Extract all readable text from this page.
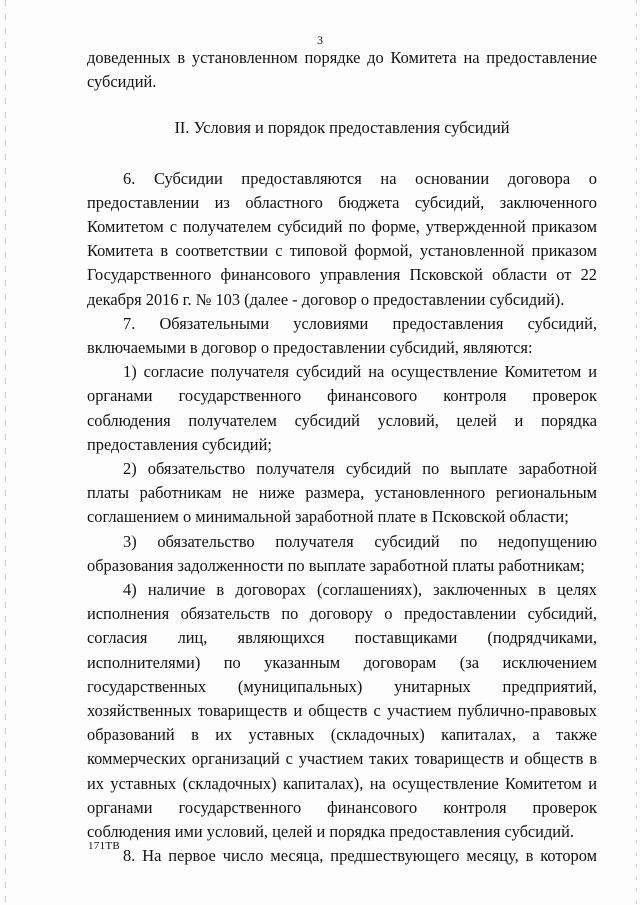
3

доведенных в установленном порядке до Комитета на предоставление субсидий.

II. Условия и порядок предоставления субсидий

6. Субсидии предоставляются на основании договора о предоставлении из областного бюджета субсидий, заключенного Комитетом с получателем субсидий по форме, утвержденной приказом Комитета в соответствии с типовой формой, установленной приказом Государственного финансового управления Псковской области от 22 декабря 2016 г. № 103 (далее - договор о предоставлении субсидий).

7. Обязательными условиями предоставления субсидий, включаемыми в договор о предоставлении субсидий, являются:

1) согласие получателя субсидий на осуществление Комитетом и органами государственного финансового контроля проверок соблюдения получателем субсидий условий, целей и порядка предоставления субсидий;

2) обязательство получателя субсидий по выплате заработной платы работникам не ниже размера, установленного региональным соглашением о минимальной заработной плате в Псковской области;

3) обязательство получателя субсидий по недопущению образования задолженности по выплате заработной платы работникам;

4) наличие в договорах (соглашениях), заключенных в целях исполнения обязательств по договору о предоставлении субсидий, согласия лиц, являющихся поставщиками (подрядчиками, исполнителями) по указанным договорам (за исключением государственных (муниципальных) унитарных предприятий, хозяйственных товариществ и обществ с участием публично-правовых образований в их уставных (складочных) капиталах, а также коммерческих организаций с участием таких товариществ и обществ в их уставных (складочных) капиталах), на осуществление Комитетом и органами государственного финансового контроля проверок соблюдения ими условий, целей и порядка предоставления субсидий.

8. На первое число месяца, предшествующего месяцу, в котором

171ТВ
